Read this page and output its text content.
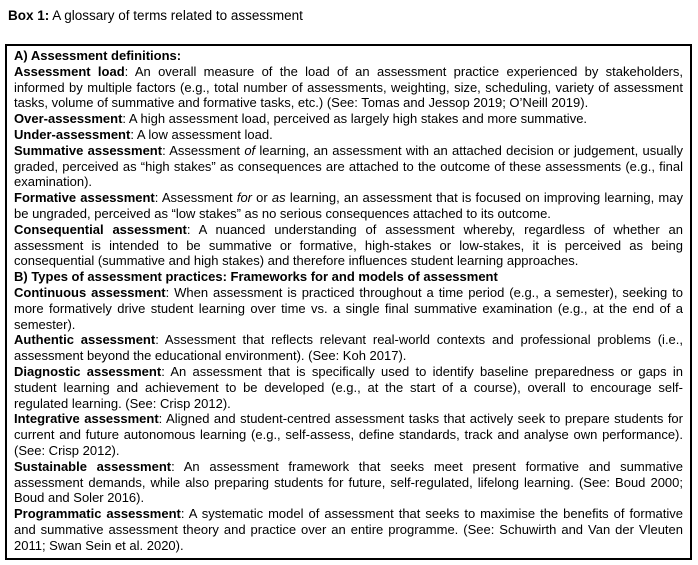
Box 1: A glossary of terms related to assessment
A) Assessment definitions:

Assessment load: An overall measure of the load of an assessment practice experienced by stakeholders, informed by multiple factors (e.g., total number of assessments, weighting, size, scheduling, variety of assessment tasks, volume of summative and formative tasks, etc.) (See: Tomas and Jessop 2019; O’Neill 2019).

Over-assessment: A high assessment load, perceived as largely high stakes and more summative.

Under-assessment: A low assessment load.

Summative assessment: Assessment of learning, an assessment with an attached decision or judgement, usually graded, perceived as “high stakes” as consequences are attached to the outcome of these assessments (e.g., final examination).

Formative assessment: Assessment for or as learning, an assessment that is focused on improving learning, may be ungraded, perceived as “low stakes” as no serious consequences attached to its outcome.

Consequential assessment: A nuanced understanding of assessment whereby, regardless of whether an assessment is intended to be summative or formative, high-stakes or low-stakes, it is perceived as being consequential (summative and high stakes) and therefore influences student learning approaches.

B) Types of assessment practices: Frameworks for and models of assessment

Continuous assessment: When assessment is practiced throughout a time period (e.g., a semester), seeking to more formatively drive student learning over time vs. a single final summative examination (e.g., at the end of a semester).

Authentic assessment: Assessment that reflects relevant real-world contexts and professional problems (i.e., assessment beyond the educational environment). (See: Koh 2017).

Diagnostic assessment: An assessment that is specifically used to identify baseline preparedness or gaps in student learning and achievement to be developed (e.g., at the start of a course), overall to encourage self-regulated learning. (See: Crisp 2012).

Integrative assessment: Aligned and student-centred assessment tasks that actively seek to prepare students for current and future autonomous learning (e.g., self-assess, define standards, track and analyse own performance). (See: Crisp 2012).

Sustainable assessment: An assessment framework that seeks meet present formative and summative assessment demands, while also preparing students for future, self-regulated, lifelong learning. (See: Boud 2000; Boud and Soler 2016).

Programmatic assessment: A systematic model of assessment that seeks to maximise the benefits of formative and summative assessment theory and practice over an entire programme. (See: Schuwirth and Van der Vleuten 2011; Swan Sein et al. 2020).
